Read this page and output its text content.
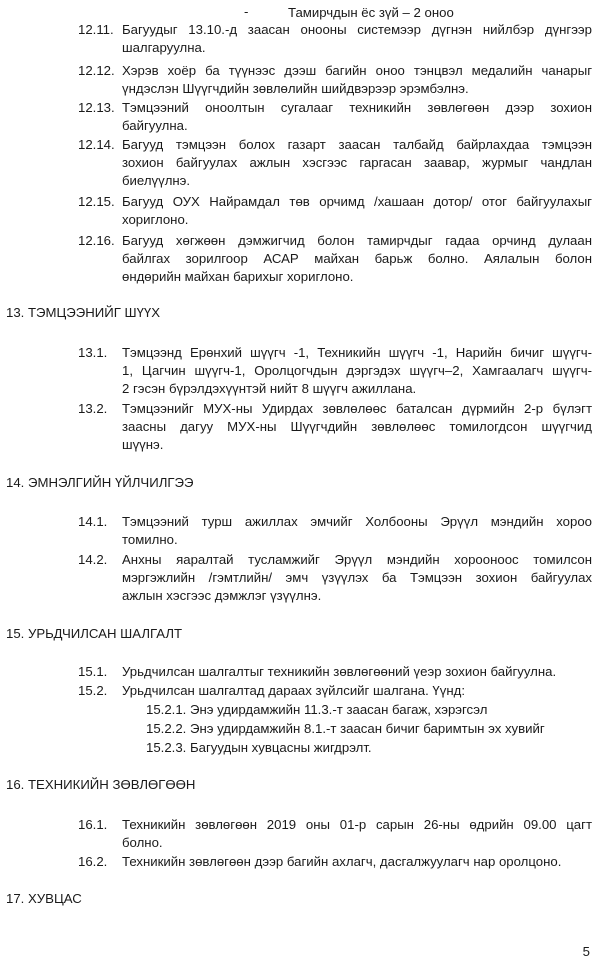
-	Тамирчдын ёс зүй – 2 оноо
12.11. Багуудыг 13.10.-д заасан онооны системээр дүгнэн нийлбэр дүнгээр
шалгаруулна.
12.12. Хэрэв хоёр ба түүнээс дээш багийн оноо тэнцвэл медалийн чанарыг
үндэслэн Шүүгчдийн зөвлөлийн шийдвэрээр эрэмбэлнэ.
12.13. Тэмцээний оноолтын сугалааг техникийн зөвлөгөөн дээр зохион
байгуулна.
12.14. Багууд тэмцээн болох газарт заасан талбайд байрлахдаа тэмцээн
зохион байгуулах ажлын хэсгээс гаргасан заавар, журмыг чандлан
биелүүлнэ.
12.15. Багууд ОУХ Найрамдал төв орчимд /хашаан дотор/ отог байгуулахыг
хориглоно.
12.16. Багууд хөгжөөн дэмжигчид болон тамирчдыг гадаа орчинд дулаан
байлгах зорилгоор АСАР майхан барьж болно. Аялалын болон
өндөрийн майхан барихыг хориглоно.
13. ТЭМЦЭЭНИЙГ ШҮҮХ
13.1. Тэмцээнд Ерөнхий шүүгч -1, Техникийн шүүгч -1, Нарийн бичиг шүүгч-
1, Цагчин шүүгч-1, Оролцогчдын дэргэдэх шүүгч–2, Хамгаалагч шүүгч-
2 гэсэн бүрэлдэхүүнтэй нийт 8 шүүгч ажиллана.
13.2. Тэмцээнийг МУХ-ны Удирдах зөвлөлөөс баталсан дүрмийн 2-р бүлэгт
заасны дагуу МУХ-ны Шүүгчдийн зөвлөлөөс томилогдсон шүүгчид
шүүнэ.
14. ЭМНЭЛГИЙН ҮЙЛЧИЛГЭЭ
14.1. Тэмцээний турш ажиллах эмчийг Холбооны Эрүүл мэндийн хороо
томилно.
14.2. Анхны яаралтай тусламжийг Эрүүл мэндийн хорооноос томилсон
мэргэжлийн /гэмтлийн/ эмч үзүүлэх ба Тэмцээн зохион байгуулах
ажлын хэсгээс дэмжлэг үзүүлнэ.
15. УРЬДЧИЛСАН ШАЛГАЛТ
15.1. Урьдчилсан шалгалтыг техникийн зөвлөгөөний үеэр зохион байгуулна.
15.2. Урьдчилсан шалгалтад дараах зүйлсийг шалгана. Үүнд:
15.2.1. Энэ удирдамжийн 11.3.-т заасан багаж, хэрэгсэл
15.2.2. Энэ удирдамжийн 8.1.-т заасан бичиг баримтын эх хувийг
15.2.3. Багуудын хувцасны жигдрэлт.
16. ТЕХНИКИЙН ЗӨВЛӨГӨӨН
16.1. Техникийн зөвлөгөөн 2019 оны 01-р сарын 26-ны өдрийн 09.00 цагт
болно.
16.2. Техникийн зөвлөгөөн дээр багийн ахлагч, дасгалжуулагч нар оролцоно.
17. ХУВЦАС
5
